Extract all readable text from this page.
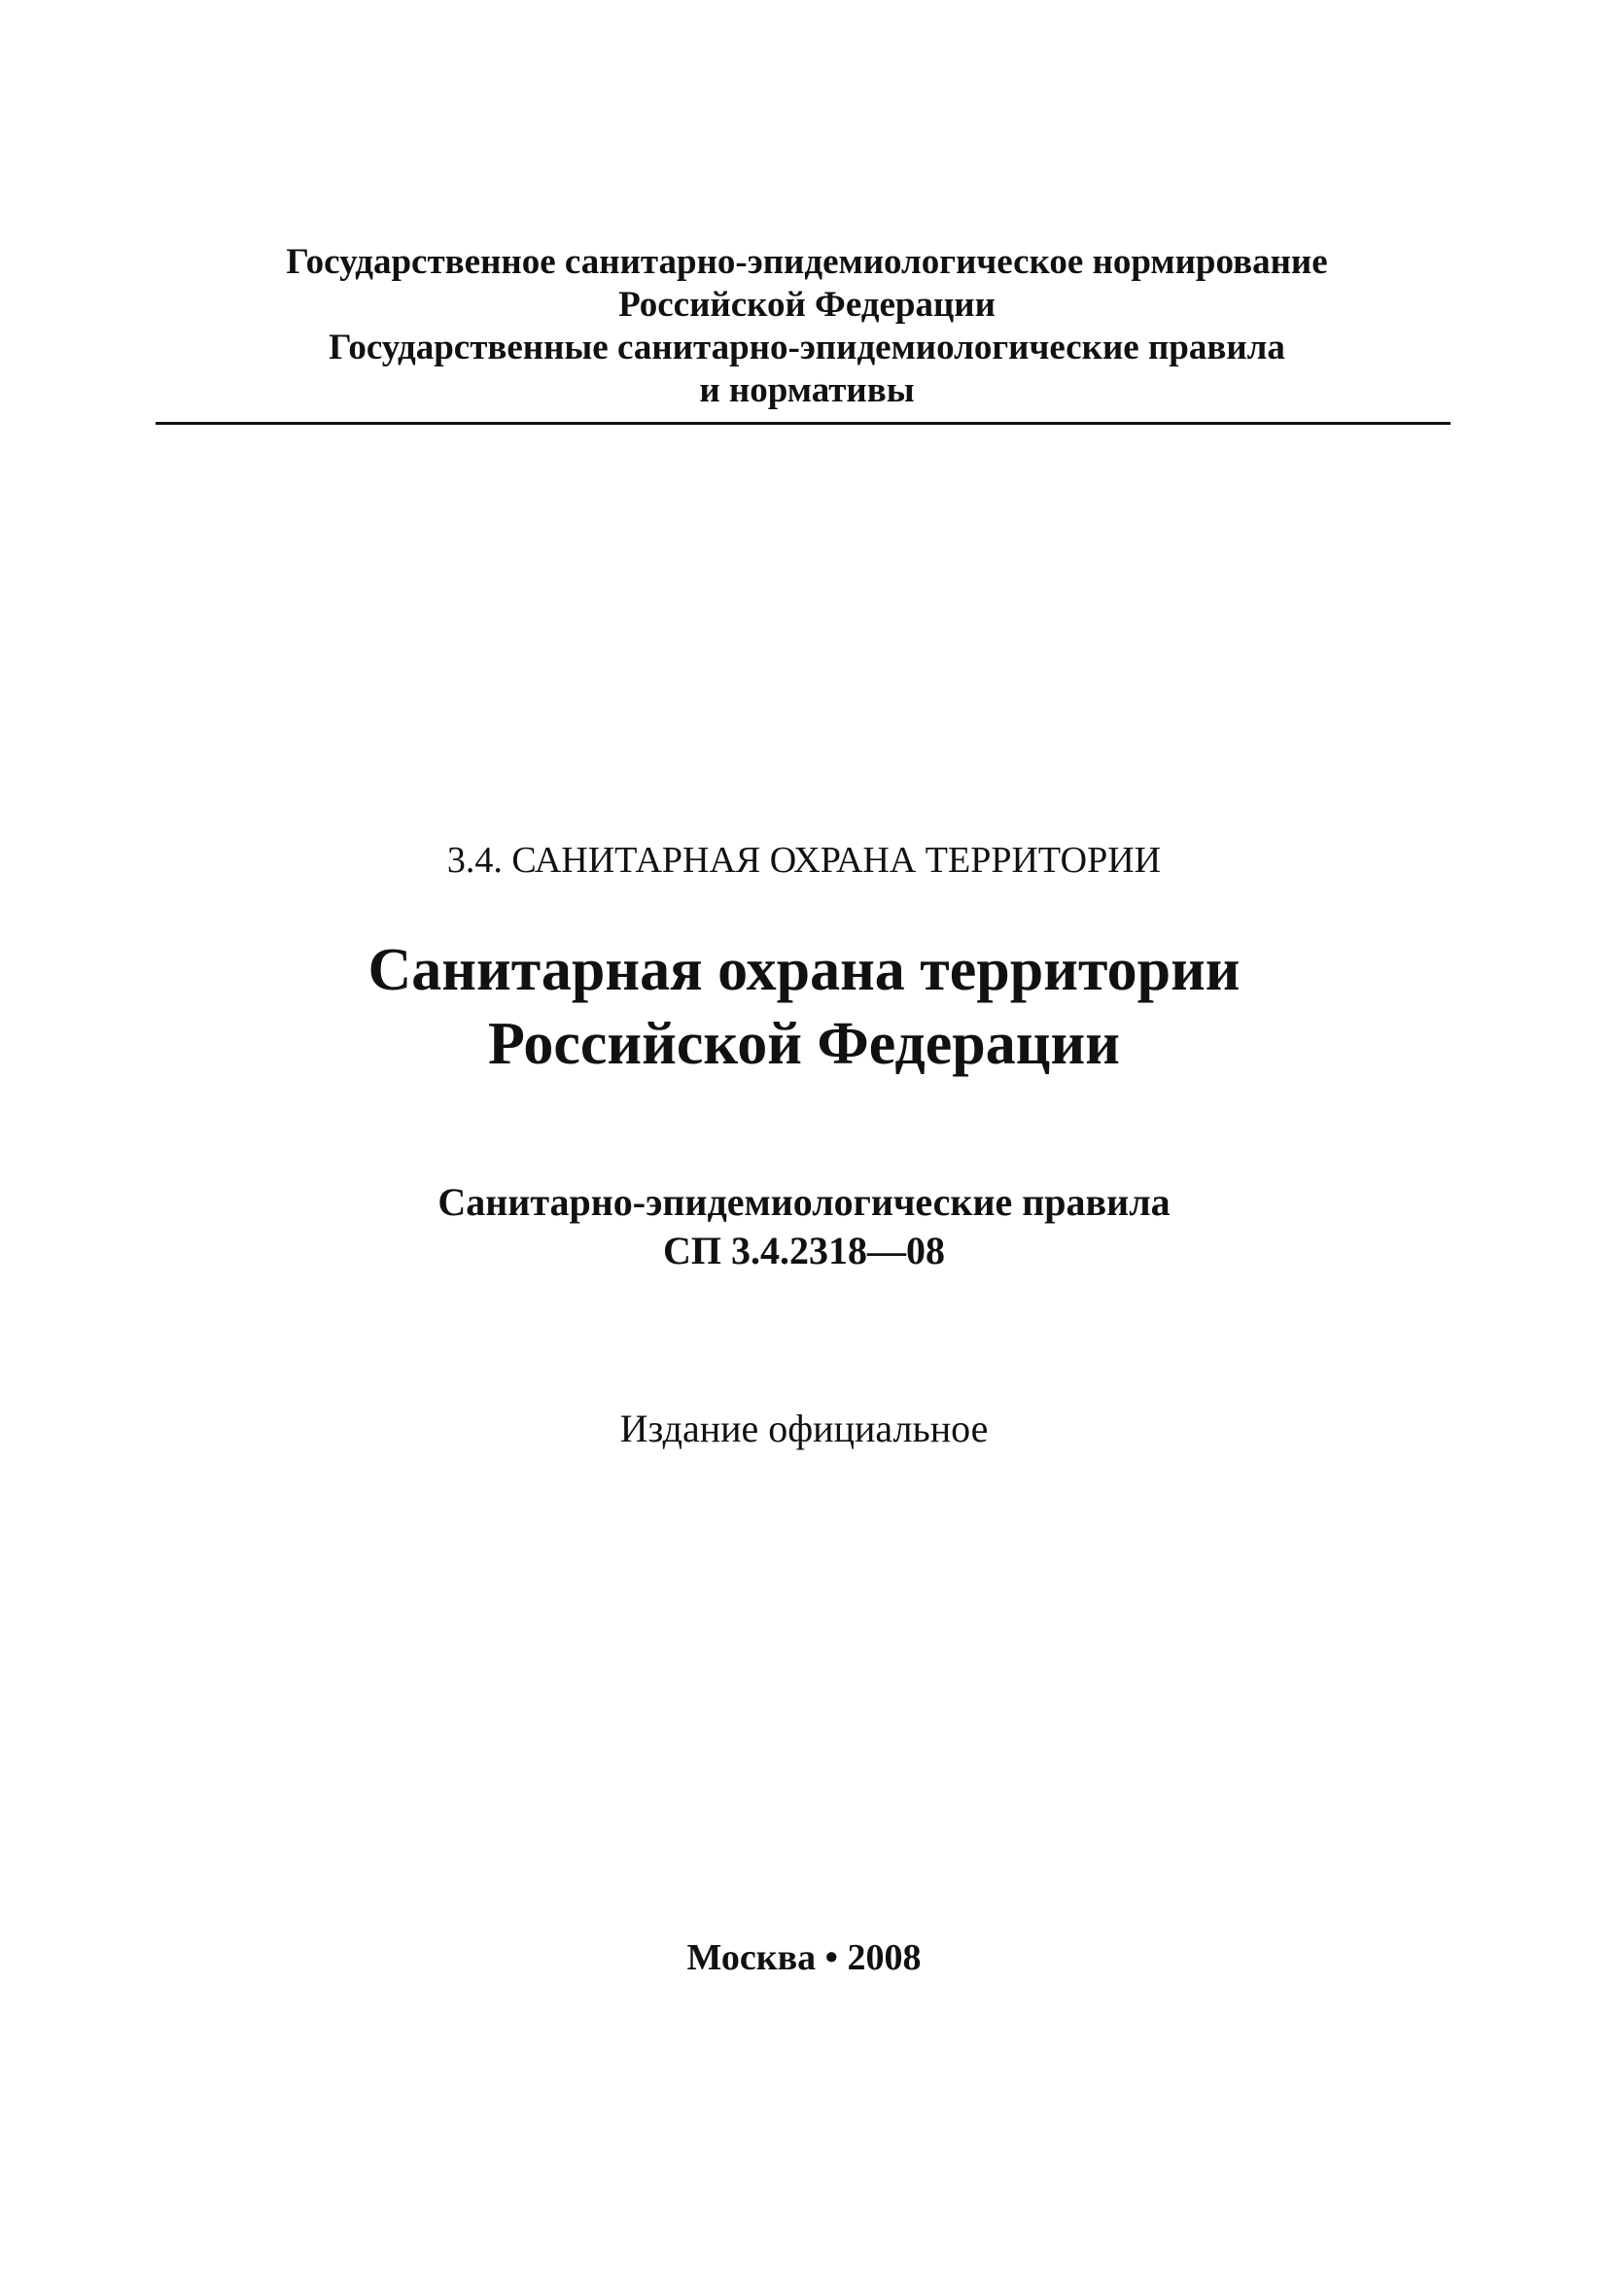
Государственное санитарно-эпидемиологическое нормирование
Российской Федерации
Государственные санитарно-эпидемиологические правила
и нормативы
3.4. САНИТАРНАЯ ОХРАНА ТЕРРИТОРИИ
Санитарная охрана территории
Российской Федерации
Санитарно-эпидемиологические правила
СП 3.4.2318—08
Издание официальное
Москва • 2008
